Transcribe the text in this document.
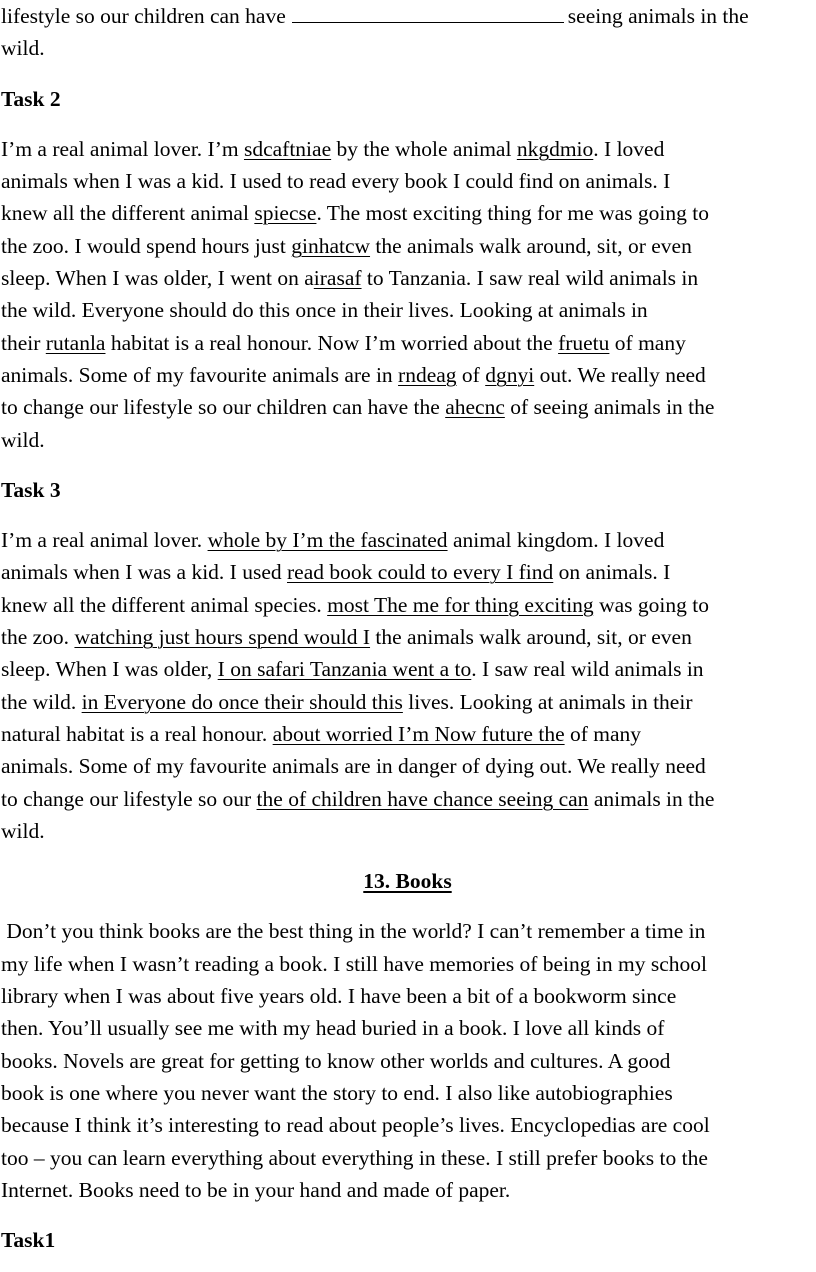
lifestyle so our children can have	seeing animals in the
wild.

Task 2

I’m a real animal lover. I’m sdcaftniae by the whole animal nkgdmio. I loved
animals when I was a kid. I used to read every book I could find on animals. I
knew all the different animal spiecse. The most exciting thing for me was going to
the zoo. I would spend hours just ginhatcw the animals walk around, sit, or even
sleep. When I was older, I went on airasaf to Tanzania. I saw real wild animals in
the wild. Everyone should do this once in their lives. Looking at animals in
their rutanla habitat is a real honour. Now I’m worried about the fruetu of many
animals. Some of my favourite animals are in rndeag of dgnyi out. We really need
to change our lifestyle so our children can have the ahecnc of seeing animals in the
wild.

Task 3

I’m a real animal lover. whole by I’m the fascinated animal kingdom. I loved
animals when I was a kid. I used read book could to every I find on animals. I
knew all the different animal species. most The me for thing exciting was going to
the zoo. watching just hours spend would I the animals walk around, sit, or even
sleep. When I was older, I on safari Tanzania went a to. I saw real wild animals in
the wild. in Everyone do once their should this lives. Looking at animals in their
natural habitat is a real honour. about worried I’m Now future the of many
animals. Some of my favourite animals are in danger of dying out. We really need
to change our lifestyle so our the of children have chance seeing can animals in the
wild.

13. Books

Don’t you think books are the best thing in the world? I can’t remember a time in
my life when I wasn’t reading a book. I still have memories of being in my school
library when I was about five years old. I have been a bit of a bookworm since
then. You’ll usually see me with my head buried in a book. I love all kinds of
books. Novels are great for getting to know other worlds and cultures. A good
book is one where you never want the story to end. I also like autobiographies
because I think it’s interesting to read about people’s lives. Encyclopedias are cool
too – you can learn everything about everything in these. I still prefer books to the
Internet. Books need to be in your hand and made of paper.

Task1
